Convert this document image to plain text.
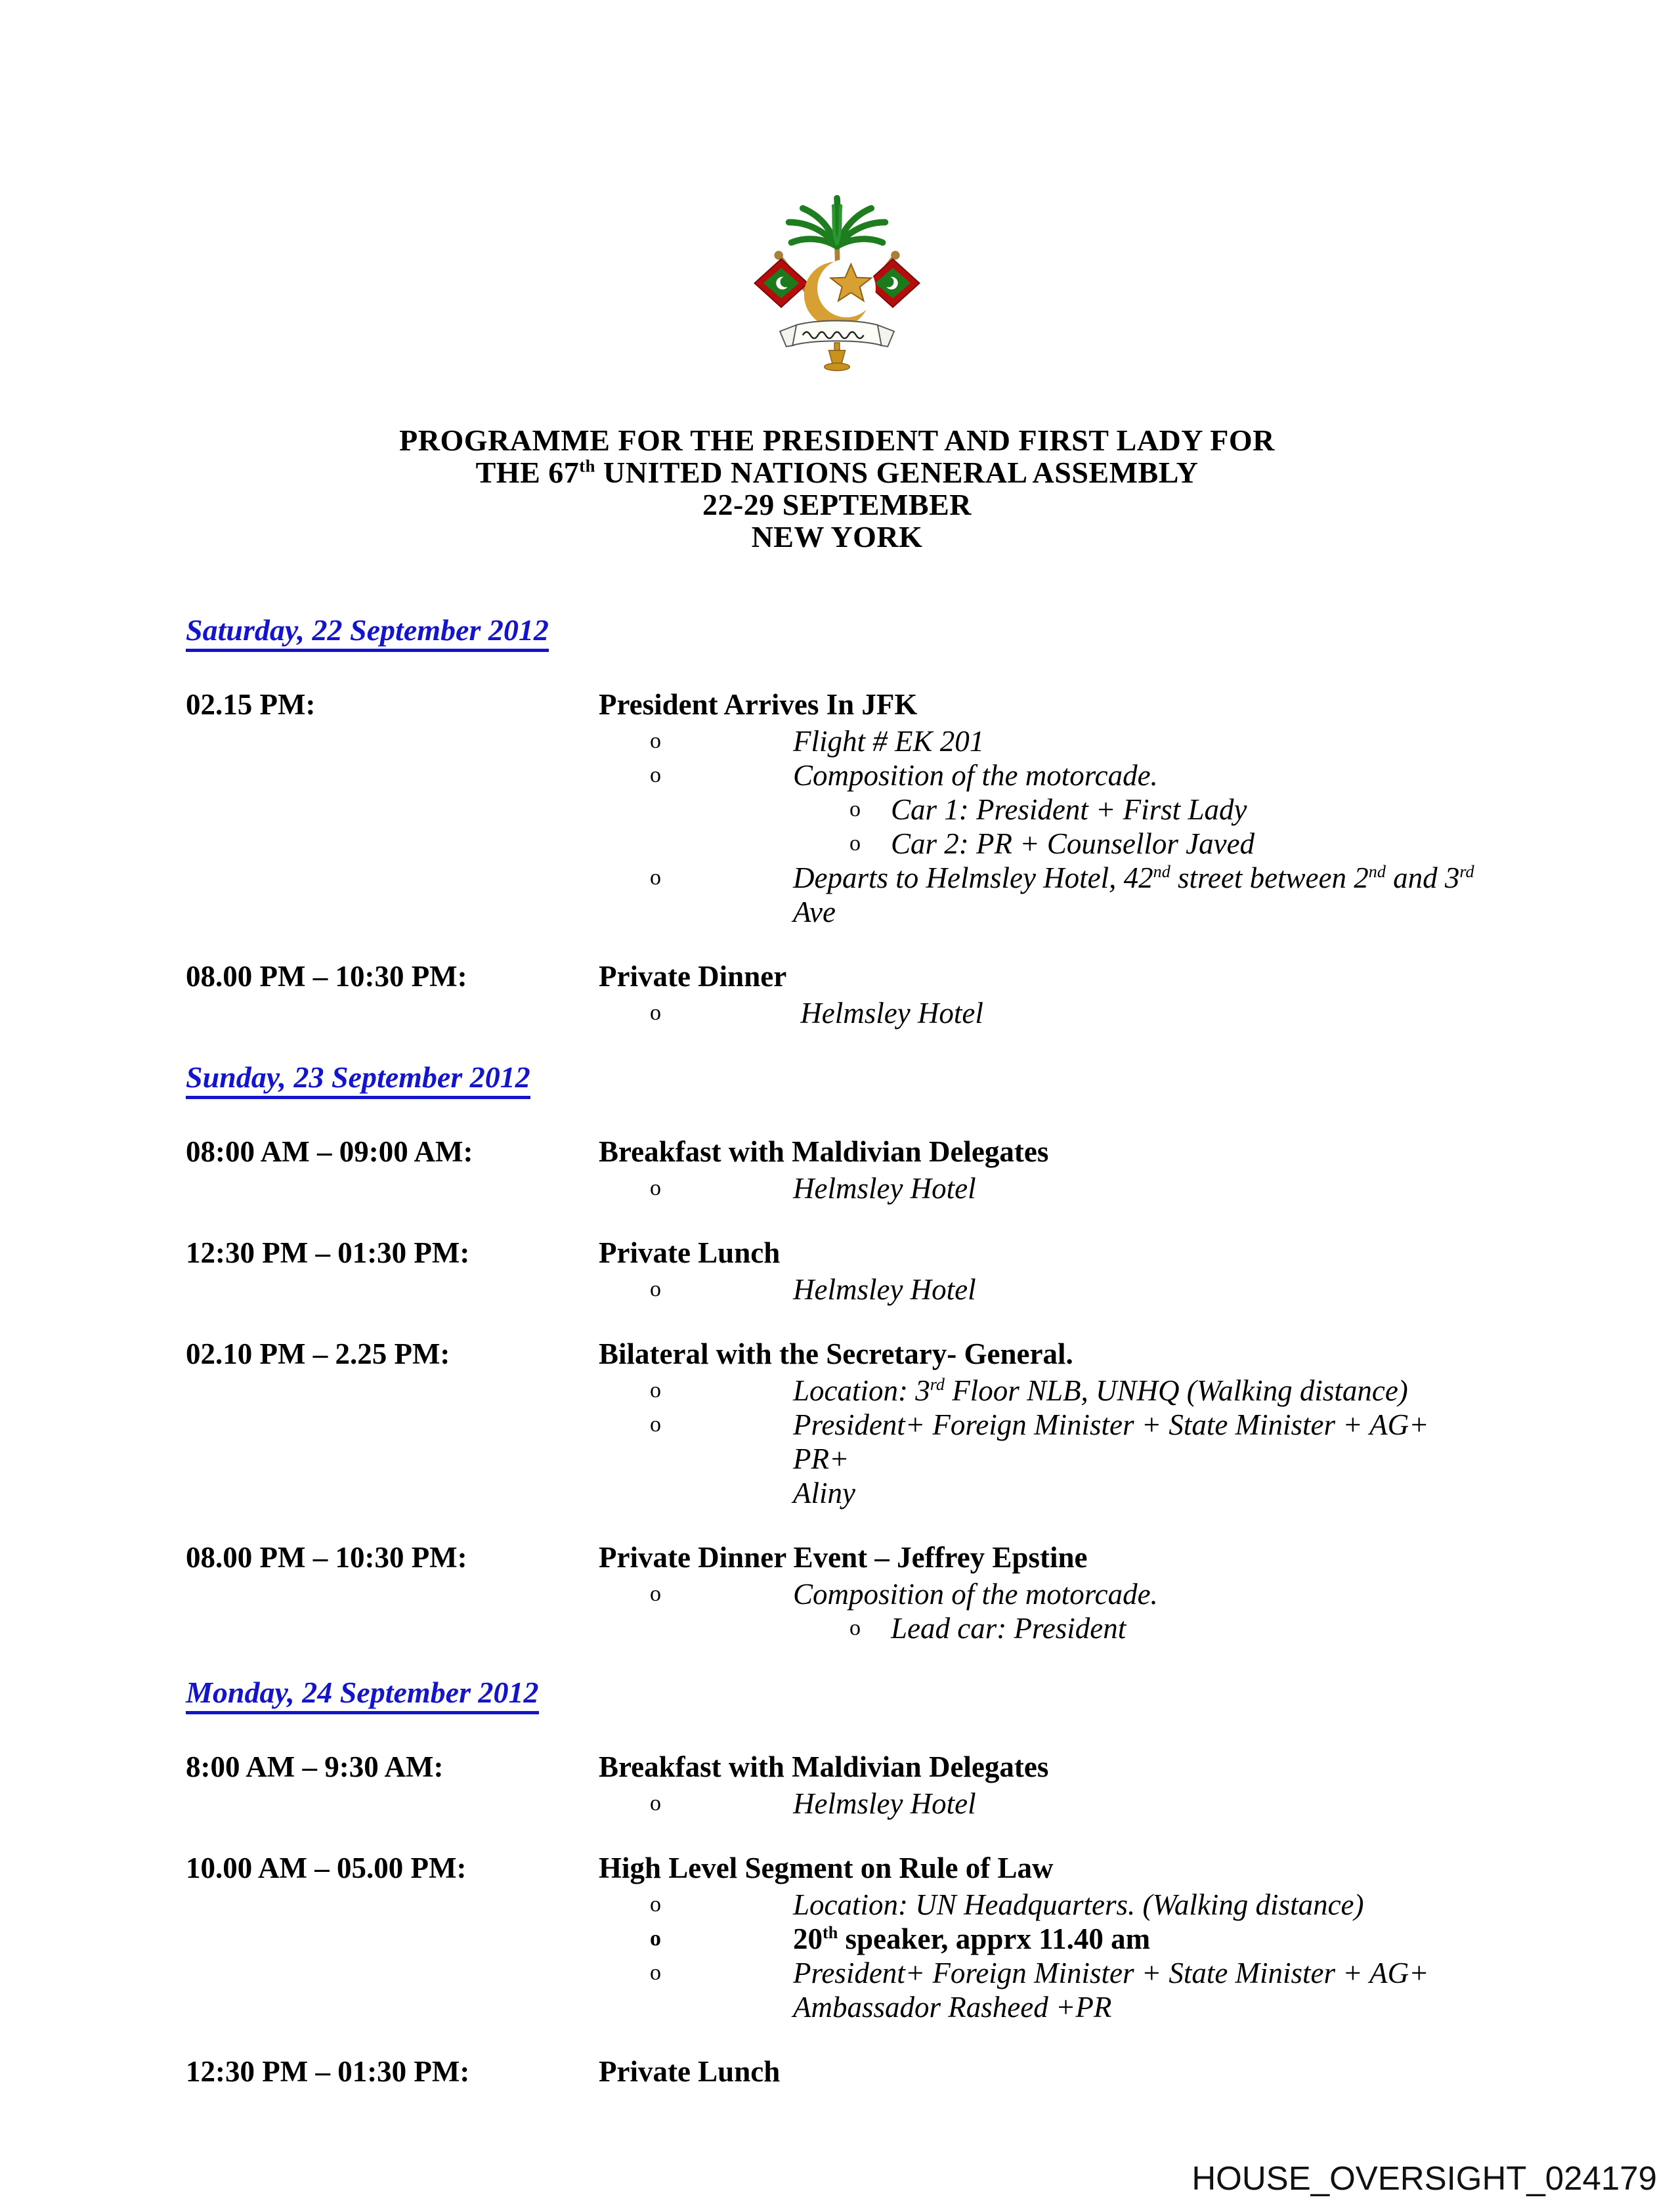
PROGRAMME FOR THE PRESIDENT AND FIRST LADY FOR
THE 67th UNITED NATIONS GENERAL ASSEMBLY
22-29 SEPTEMBER
NEW YORK
Saturday, 22 September 2012
02.15 PM:	President Arrives In JFK
o	Flight # EK 201
o	Composition of the motorcade.
o Car 1: President + First Lady
o Car 2: PR + Counsellor Javed
o	Departs to Helmsley Hotel, 42nd street between 2nd and 3rd
Ave
08.00 PM – 10:30 PM:	Private Dinner
o	Helmsley Hotel
Sunday, 23 September 2012
08:00 AM – 09:00 AM:	Breakfast with Maldivian Delegates
o	Helmsley Hotel
12:30 PM – 01:30 PM:	Private Lunch
o	Helmsley Hotel
02.10 PM – 2.25 PM:	Bilateral with the Secretary- General.
o	Location: 3rd Floor NLB, UNHQ (Walking distance)
o	President+ Foreign Minister + State Minister + AG+ PR+
Aliny
08.00 PM – 10:30 PM:	Private Dinner Event – Jeffrey Epstine
o	Composition of the motorcade.
o Lead car: President
Monday, 24 September 2012
8:00 AM – 9:30 AM:	Breakfast with Maldivian Delegates
o	Helmsley Hotel
10.00 AM – 05.00 PM:	High Level Segment on Rule of Law
o	Location: UN Headquarters. (Walking distance)
o	20th speaker, apprx 11.40 am
o	President+ Foreign Minister + State Minister + AG+
Ambassador Rasheed +PR
12:30 PM – 01:30 PM:	Private Lunch
HOUSE_OVERSIGHT_024179
